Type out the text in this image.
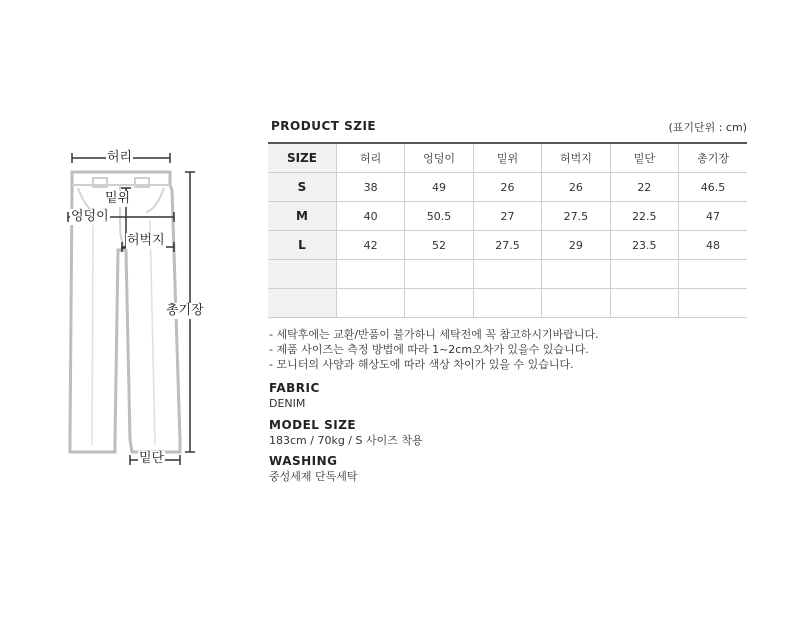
허리
밑위
엉덩이
허벅지
총기장
밑단
PRODUCT SZIE	(표기단위 : cm)
SIZE	허리	엉덩이	밑위	허벅지	밑단	총기장
S	38	49	26	26	22	46.5
M	40	50.5	27	27.5	22.5	47
L	42	52	27.5	29	23.5	48

- 세탁후에는 교환/반품이 불가하니 세탁전에 꼭 참고하시기바랍니다.
- 제품 사이즈는 측정 방법에 따라 1~2cm오차가 있을수 있습니다.
- 모니터의 사양과 해상도에 따라 색상 차이가 있을 수 있습니다.
FABRIC
DENIM
MODEL SIZE
183cm / 70kg / S 사이즈 착용
WASHING
중성세제 단독세탁
